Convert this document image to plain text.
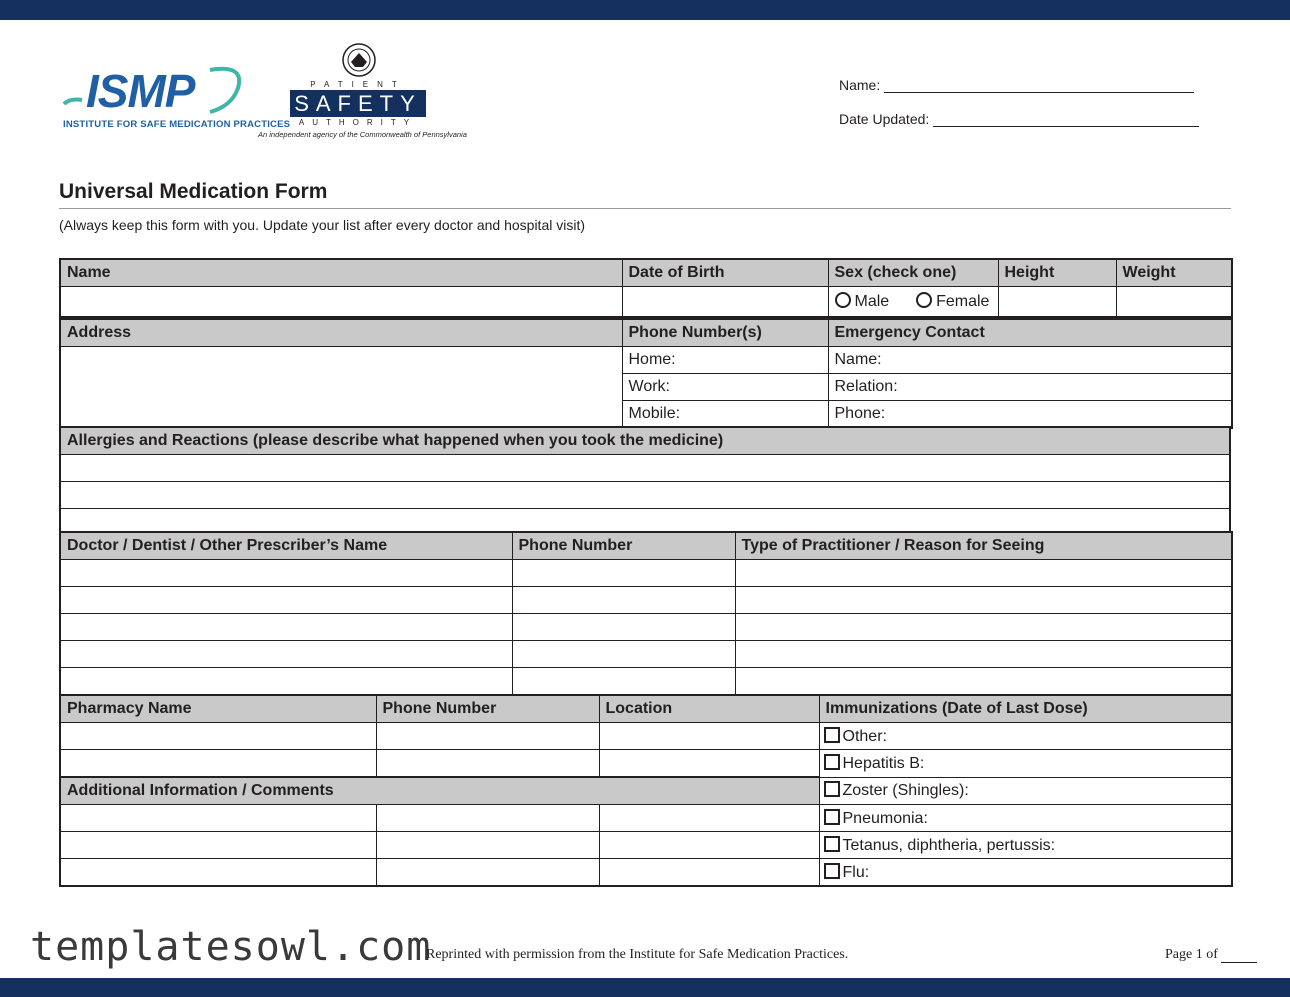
ISMP
INSTITUTE FOR SAFE MEDICATION PRACTICES
PATIENT
SAFETY
AUTHORITY
An independent agency of the Commonwealth of Pennsylvania
Name:
Date Updated:
Universal Medication Form
(Always keep this form with you. Update your list after every doctor and hospital visit)
Name	Date of Birth	Sex (check one)	Height	Weight
		Male Female		
Address	Phone Number(s)	Emergency Contact
	Home:	Name:
	Work:	Relation:
	Mobile:	Phone:
Allergies and Reactions (please describe what happened when you took the medicine)

Doctor / Dentist / Other Prescriber’s Name	Phone Number	Type of Practitioner / Reason for Seeing

Pharmacy Name	Phone Number	Location	Immunizations (Date of Last Dose)
			Other:
			Hepatitis B:
Additional Information / Comments			Zoster (Shingles):
			Pneumonia:
			Tetanus, diphtheria, pertussis:
			Flu:
templatesowl.com
Reprinted with permission from the Institute for Safe Medication Practices.	Page 1 of
